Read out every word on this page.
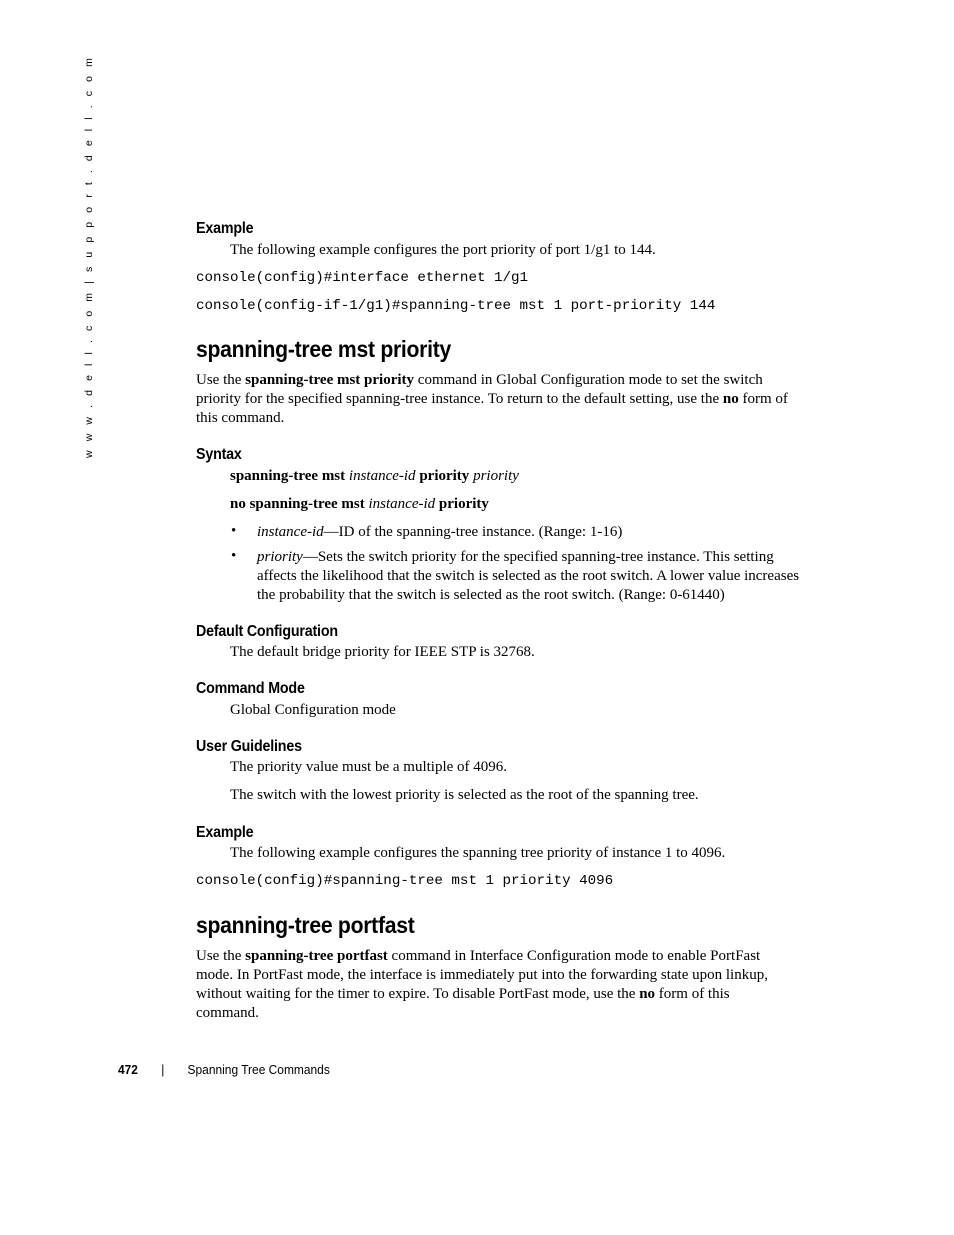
w w w . d e l l . c o m | s u p p o r t . d e l l . c o m	Example
The following example configures the port priority of port 1/g1 to 144.
console(config)#interface ethernet 1/g1
console(config-if-1/g1)#spanning-tree mst 1 port-priority 144
spanning-tree mst priority
Use the spanning-tree mst priority command in Global Configuration mode to set the switch
priority for the specified spanning-tree instance. To return to the default setting, use the no form of
this command.
Syntax
spanning-tree mst instance-id priority priority
no spanning-tree mst instance-id priority
• instance-id—ID of the spanning-tree instance. (Range: 1-16)
• priority—Sets the switch priority for the specified spanning-tree instance. This setting
affects the likelihood that the switch is selected as the root switch. A lower value increases
the probability that the switch is selected as the root switch. (Range: 0-61440)
Default Configuration
The default bridge priority for IEEE STP is 32768.
Command Mode
Global Configuration mode
User Guidelines
The priority value must be a multiple of 4096.
The switch with the lowest priority is selected as the root of the spanning tree.
Example
The following example configures the spanning tree priority of instance 1 to 4096.
console(config)#spanning-tree mst 1 priority 4096
spanning-tree portfast
Use the spanning-tree portfast command in Interface Configuration mode to enable PortFast
mode. In PortFast mode, the interface is immediately put into the forwarding state upon linkup,
without waiting for the timer to expire. To disable PortFast mode, use the no form of this
command.
472 | Spanning Tree Commands
